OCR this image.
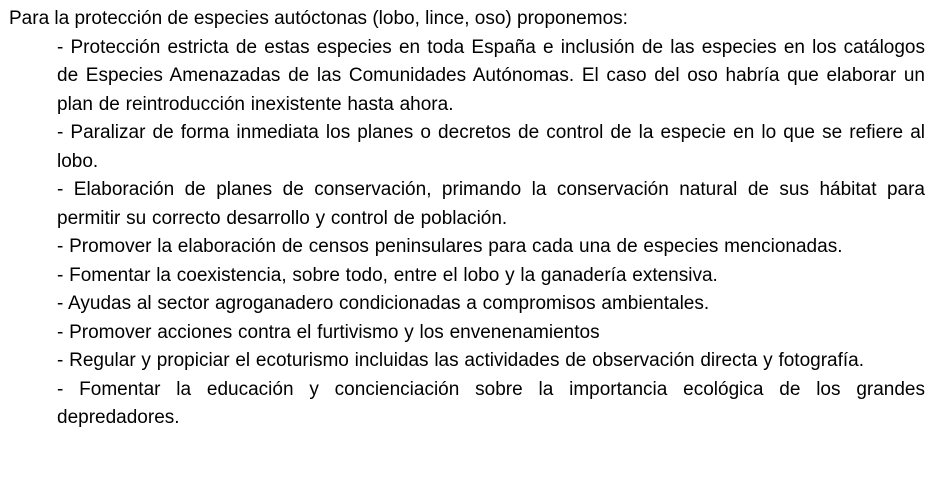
Para la protección de especies autóctonas (lobo, lince, oso) proponemos:

- Protección estricta de estas especies en toda España e inclusión de las especies en los catálogos de Especies Amenazadas de las Comunidades Autónomas. El caso del oso habría que elaborar un plan de reintroducción inexistente hasta ahora.

- Paralizar de forma inmediata los planes o decretos de control de la especie en lo que se refiere al lobo.

- Elaboración de planes de conservación, primando la conservación natural de sus hábitat para permitir su correcto desarrollo y control de población.

- Promover la elaboración de censos peninsulares para cada una de especies mencionadas.

- Fomentar la coexistencia, sobre todo, entre el lobo y la ganadería extensiva.

- Ayudas al sector agroganadero condicionadas a compromisos ambientales.

- Promover acciones contra el furtivismo y los envenenamientos

- Regular y propiciar el ecoturismo incluidas las actividades de observación directa y fotografía.

- Fomentar la educación y concienciación sobre la importancia ecológica de los grandes depredadores.
